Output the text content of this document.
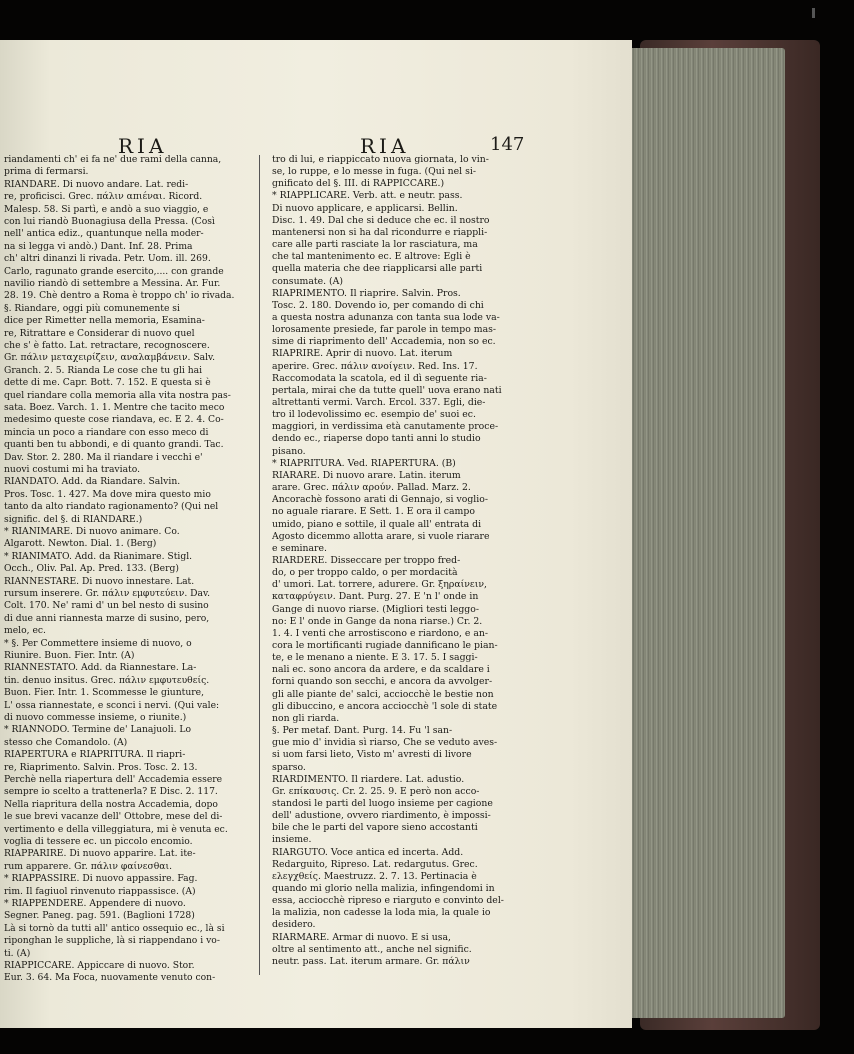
RIA	RIA	147
riandamenti ch' ei fa ne' due rami della canna,
prima di fermarsi.
RIANDARE. Di nuovo andare. Lat. redi-
re, proficisci. Grec. πάλιν απιέναι. Ricord.
Malesp. 58. Si partì, e andò a suo viaggio, e
con lui riandò Buonagiusa della Pressa. (Così
nell' antica ediz., quantunque nella moder-
na si legga vi andò.) Dant. Inf. 28. Prima
ch' altri dinanzi li rivada. Petr. Uom. ill. 269.
Carlo, ragunato grande esercito,.... con grande
navilio riandò di settembre a Messina. Ar. Fur.
28. 19. Chè dentro a Roma è troppo ch' io rivada.
§. Riandare, oggi più comunemente si
dice per Rimetter nella memoria, Esamina-
re, Ritrattare e Considerar di nuovo quel
che s' è fatto. Lat. retractare, recognoscere.
Gr. πάλιν μεταχειρίζειν, αναλαμβάνειν. Salv.
Granch. 2. 5. Rianda Le cose che tu gli hai
dette di me. Capr. Bott. 7. 152. E questa si è
quel riandare colla memoria alla vita nostra pas-
sata. Boez. Varch. 1. 1. Mentre che tacito meco
medesimo queste cose riandava, ec. E 2. 4. Co-
mincia un poco a riandare con esso meco di
quanti ben tu abbondi, e di quanto grandi. Tac.
Dav. Stor. 2. 280. Ma il riandare i vecchi e'
nuovi costumi mi ha traviato.
RIANDATO. Add. da Riandare. Salvin.
Pros. Tosc. 1. 427. Ma dove mira questo mio
tanto da alto riandato ragionamento? (Qui nel
signific. del §. di RIANDARE.)
* RIANIMARE. Di nuovo animare. Co.
Algarott. Newton. Dial. 1. (Berg)
* RIANIMATO. Add. da Rianimare. Stigl.
Occh., Oliv. Pal. Ap. Pred. 133. (Berg)
RIANNESTARE. Di nuovo innestare. Lat.
rursum inserere. Gr. πάλιν εμφυτεύειν. Dav.
Colt. 170. Ne' rami d' un bel nesto di susino
di due anni riannesta marze di susino, pero,
melo, ec.
* §. Per Commettere insieme di nuovo, o
Riunire. Buon. Fier. Intr. (A)
RIANNESTATO. Add. da Riannestare. La-
tin. denuo insitus. Grec. πάλιν εμφυτευθείς.
Buon. Fier. Intr. 1. Scommesse le giunture,
L' ossa riannestate, e sconci i nervi. (Qui vale:
di nuovo commesse insieme, o riunite.)
* RIANNODO. Termine de' Lanajuoli. Lo
stesso che Comandolo. (A)
RIAPERTURA e RIAPRITURA. Il riapri-
re, Riaprimento. Salvin. Pros. Tosc. 2. 13.
Perchè nella riapertura dell' Accademia essere
sempre io scelto a trattenerla? E Disc. 2. 117.
Nella riapritura della nostra Accademia, dopo
le sue brevi vacanze dell' Ottobre, mese del di-
vertimento e della villeggiatura, mi è venuta ec.
voglia di tessere ec. un piccolo encomio.
RIAPPARIRE. Di nuovo apparire. Lat. ite-
rum apparere. Gr. πάλιν φαίνεσθαι.
* RIAPPASSIRE. Di nuovo appassire. Fag.
rim. Il fagiuol rinvenuto riappassisce. (A)
* RIAPPENDERE. Appendere di nuovo.
Segner. Paneg. pag. 591. (Baglioni 1728)
Là si tornò da tutti all' antico ossequio ec., là si
riponghan le suppliche, là si riappendano i vo-
ti. (A)
RIAPPICCARE. Appiccare di nuovo. Stor.
Eur. 3. 64. Ma Foca, nuovamente venuto con-
tro di lui, e riappiccato nuova giornata, lo vin-
se, lo ruppe, e lo messe in fuga. (Qui nel si-
gnificato del §. III. di RAPPICCARE.)
* RIAPPLICARE. Verb. att. e neutr. pass.
Di nuovo applicare, e applicarsi. Bellin.
Disc. 1. 49. Dal che si deduce che ec. il nostro
mantenersi non si ha dal ricondurre e riappli-
care alle parti rasciate la lor rasciatura, ma
che tal mantenimento ec. E altrove: Egli è
quella materia che dee riapplicarsi alle parti
consumate. (A)
RIAPRIMENTO. Il riaprire. Salvin. Pros.
Tosc. 2. 180. Dovendo io, per comando di chi
a questa nostra adunanza con tanta sua lode va-
lorosamente presiede, far parole in tempo mas-
sime di riaprimento dell' Accademia, non so ec.
RIAPRIRE. Aprir di nuovo. Lat. iterum
aperire. Grec. πάλιν ανοίγειν. Red. Ins. 17.
Raccomodata la scatola, ed il dì seguente ria-
pertala, mirai che da tutte quell' uova erano nati
altrettanti vermi. Varch. Ercol. 337. Egli, die-
tro il lodevolissimo ec. esempio de' suoi ec.
maggiori, in verdissima età canutamente proce-
dendo ec., riaperse dopo tanti anni lo studio
pisano.
* RIAPRITURA. Ved. RIAPERTURA. (B)
RIARARE. Di nuovo arare. Latin. iterum
arare. Grec. πάλιν αρούν. Pallad. Marz. 2.
Ancorachè fossono arati di Gennajo, si voglio-
no aguale riarare. E Sett. 1. E ora il campo
umido, piano e sottile, il quale all' entrata di
Agosto dicemmo allotta arare, si vuole riarare
e seminare.
RIARDERE. Disseccare per troppo fred-
do, o per troppo caldo, o per mordacità
d' umori. Lat. torrere, adurere. Gr. ξηραίνειν,
καταφρύγειν. Dant. Purg. 27. E 'n l' onde in
Gange di nuovo riarse. (Migliori testi leggo-
no: E l' onde in Gange da nona riarse.) Cr. 2.
1. 4. I venti che arrostiscono e riardono, e an-
cora le mortificanti rugiade dannificano le pian-
te, e le menano a niente. E 3. 17. 5. I saggi-
nali ec. sono ancora da ardere, e da scaldare i
forni quando son secchi, e ancora da avvolger-
gli alle piante de' salci, acciocchè le bestie non
gli dibuccino, e ancora acciocchè 'l sole di state
non gli riarda.
§. Per metaf. Dant. Purg. 14. Fu 'l san-
gue mio d' invidia sì riarso, Che se veduto aves-
si uom farsi lieto, Visto m' avresti di livore
sparso.
RIARDIMENTO. Il riardere. Lat. adustio.
Gr. επίκαυσις. Cr. 2. 25. 9. E però non acco-
standosi le parti del luogo insieme per cagione
dell' adustione, ovvero riardimento, è impossi-
bile che le parti del vapore sieno accostanti
insieme.
RIARGUTO. Voce antica ed incerta. Add.
Redarguito, Ripreso. Lat. redargutus. Grec.
ελεγχθείς. Maestruzz. 2. 7. 13. Pertinacia è
quando mi glorio nella malizia, infingendomi in
essa, acciocchè ripreso e riarguto e convinto del-
la malizia, non cadesse la loda mia, la quale io
desidero.
RIARMARE. Armar di nuovo. E si usa,
oltre al sentimento att., anche nel signific.
neutr. pass. Lat. iterum armare. Gr. πάλιν
